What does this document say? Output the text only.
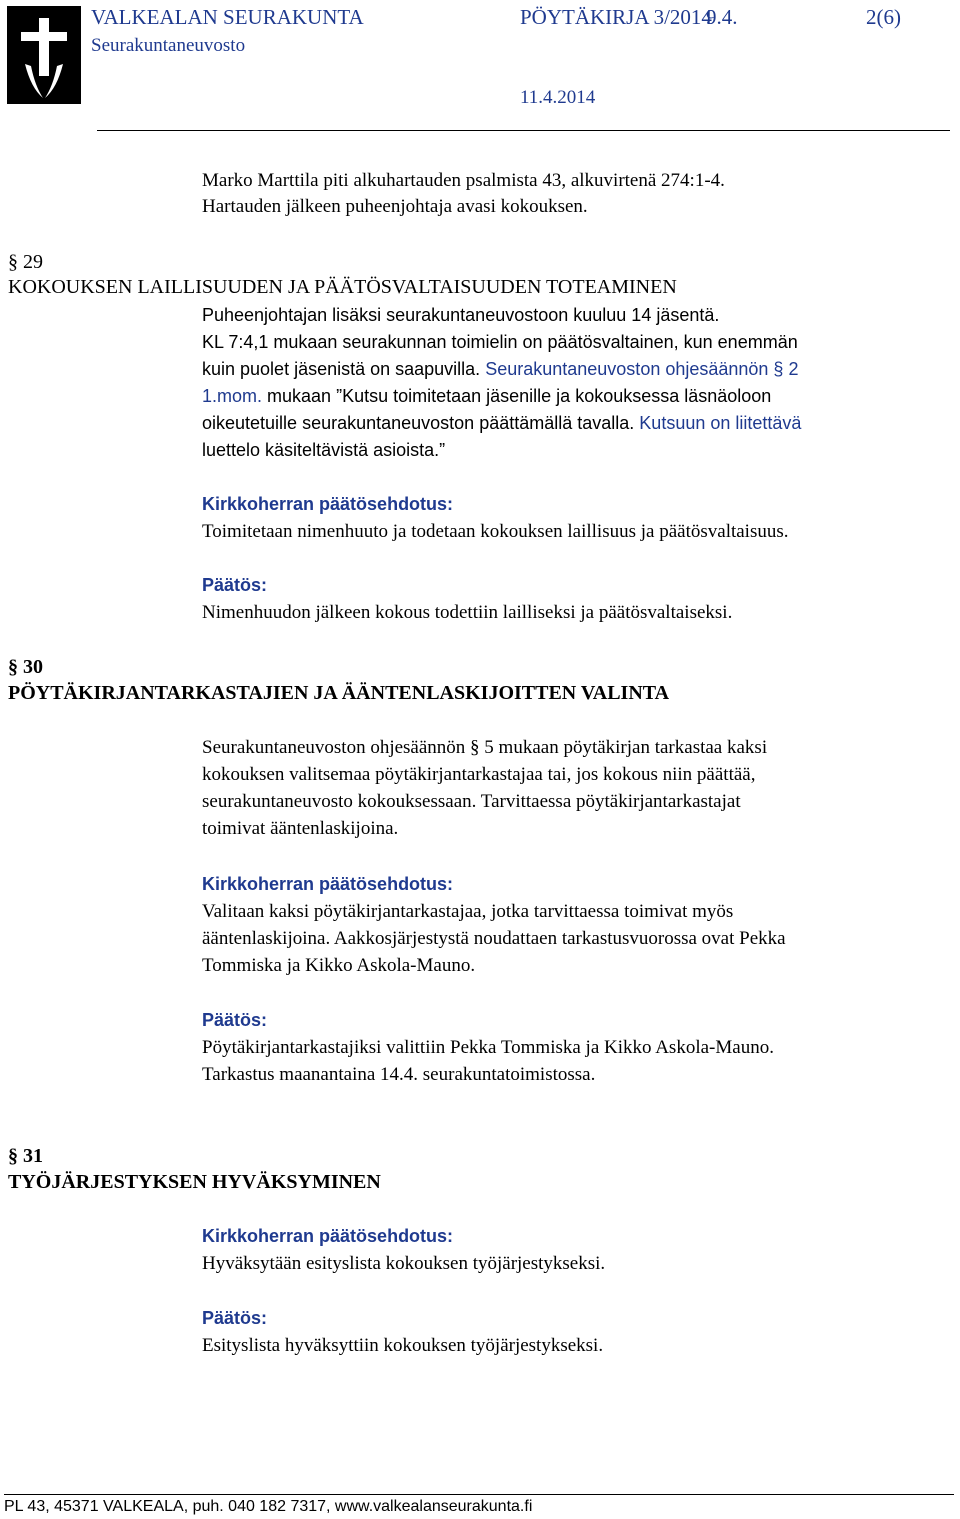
VALKEALAN SEURAKUNTA	PÖYTÄKIRJA 3/2014
9.4.	2(6)
Seurakuntaneuvosto
11.4.2014
Marko Marttila piti alkuhartauden psalmista 43, alkuvirtenä 274:1-4.
Hartauden jälkeen puheenjohtaja avasi kokouksen.
§ 29
KOKOUKSEN LAILLISUUDEN JA PÄÄTÖSVALTAISUUDEN TOTEAMINEN
Puheenjohtajan lisäksi seurakuntaneuvostoon kuuluu 14 jäsentä.
KL 7:4,1 mukaan seurakunnan toimielin on päätösvaltainen, kun enemmän
kuin puolet jäsenistä on saapuvilla. Seurakuntaneuvoston ohjesäännön § 2
1.mom. mukaan ”Kutsu toimitetaan jäsenille ja kokouksessa läsnäoloon
oikeutetuille seurakuntaneuvoston päättämällä tavalla. Kutsuun on liitettävä
luettelo käsiteltävistä asioista.”
Kirkkoherran päätösehdotus:
Toimitetaan nimenhuuto ja todetaan kokouksen laillisuus ja päätösvaltaisuus.
Päätös:
Nimenhuudon jälkeen kokous todettiin lailliseksi ja päätösvaltaiseksi.
§ 30
PÖYTÄKIRJANTARKASTAJIEN JA ÄÄNTENLASKIJOITTEN VALINTA
Seurakuntaneuvoston ohjesäännön § 5 mukaan pöytäkirjan tarkastaa kaksi
kokouksen valitsemaa pöytäkirjantarkastajaa tai, jos kokous niin päättää,
seurakuntaneuvosto kokouksessaan. Tarvittaessa pöytäkirjantarkastajat
toimivat ääntenlaskijoina.
Kirkkoherran päätösehdotus:
Valitaan kaksi pöytäkirjantarkastajaa, jotka tarvittaessa toimivat myös
ääntenlaskijoina. Aakkosjärjestystä noudattaen tarkastusvuorossa ovat Pekka
Tommiska ja Kikko Askola-Mauno.
Päätös:
Pöytäkirjantarkastajiksi valittiin Pekka Tommiska ja Kikko Askola-Mauno.
Tarkastus maanantaina 14.4. seurakuntatoimistossa.
§ 31
TYÖJÄRJESTYKSEN HYVÄKSYMINEN
Kirkkoherran päätösehdotus:
Hyväksytään esityslista kokouksen työjärjestykseksi.
Päätös:
Esityslista hyväksyttiin kokouksen työjärjestykseksi.
PL 43, 45371 VALKEALA, puh. 040 182 7317, www.valkealanseurakunta.fi
